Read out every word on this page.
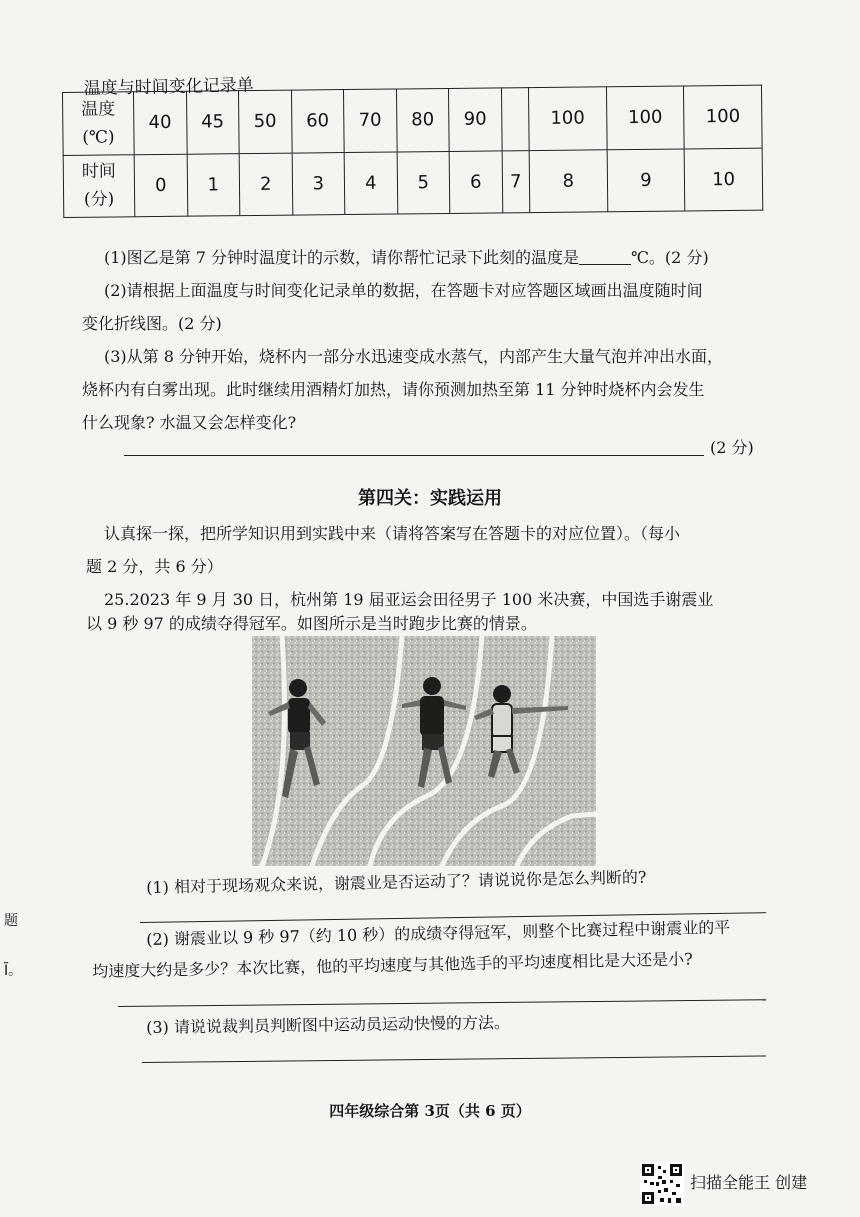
温度与时间变化记录单
温度
(℃)	40	45	50	60	70	80	90		100	100	100

时间
(分)	0	1	2	3	4	5	6	7	8	9	10
(1)图乙是第 7 分钟时温度计的示数，请你帮忙记录下此刻的温度是	℃。(2 分)
(2)请根据上面温度与时间变化记录单的数据，在答题卡对应答题区域画出温度随时间
变化折线图。(2 分)
(3)从第 8 分钟开始，烧杯内一部分水迅速变成水蒸气，内部产生大量气泡并冲出水面，
烧杯内有白雾出现。此时继续用酒精灯加热，请你预测加热至第 11 分钟时烧杯内会发生
什么现象? 水温又会怎样变化?
(2 分)
第四关：实践运用
认真探一探，把所学知识用到实践中来（请将答案写在答题卡的对应位置）。（每小
题 2 分，共 6 分）
25.2023 年 9 月 30 日，杭州第 19 届亚运会田径男子 100 米决赛，中国选手谢震业
以 9 秒 97 的成绩夺得冠军。如图所示是当时跑步比赛的情景。
(1) 相对于现场观众来说，谢震业是否运动了？请说说你是怎么判断的?
(2) 谢震业以 9 秒 97（约 10 秒）的成绩夺得冠军，则整个比赛过程中谢震业的平
均速度大约是多少？本次比赛，他的平均速度与其他选手的平均速度相比是大还是小?
(3) 请说说裁判员判断图中运动员运动快慢的方法。
题
Ĩ。
四年级综合第 3页（共 6 页）
扫描全能王 创建
